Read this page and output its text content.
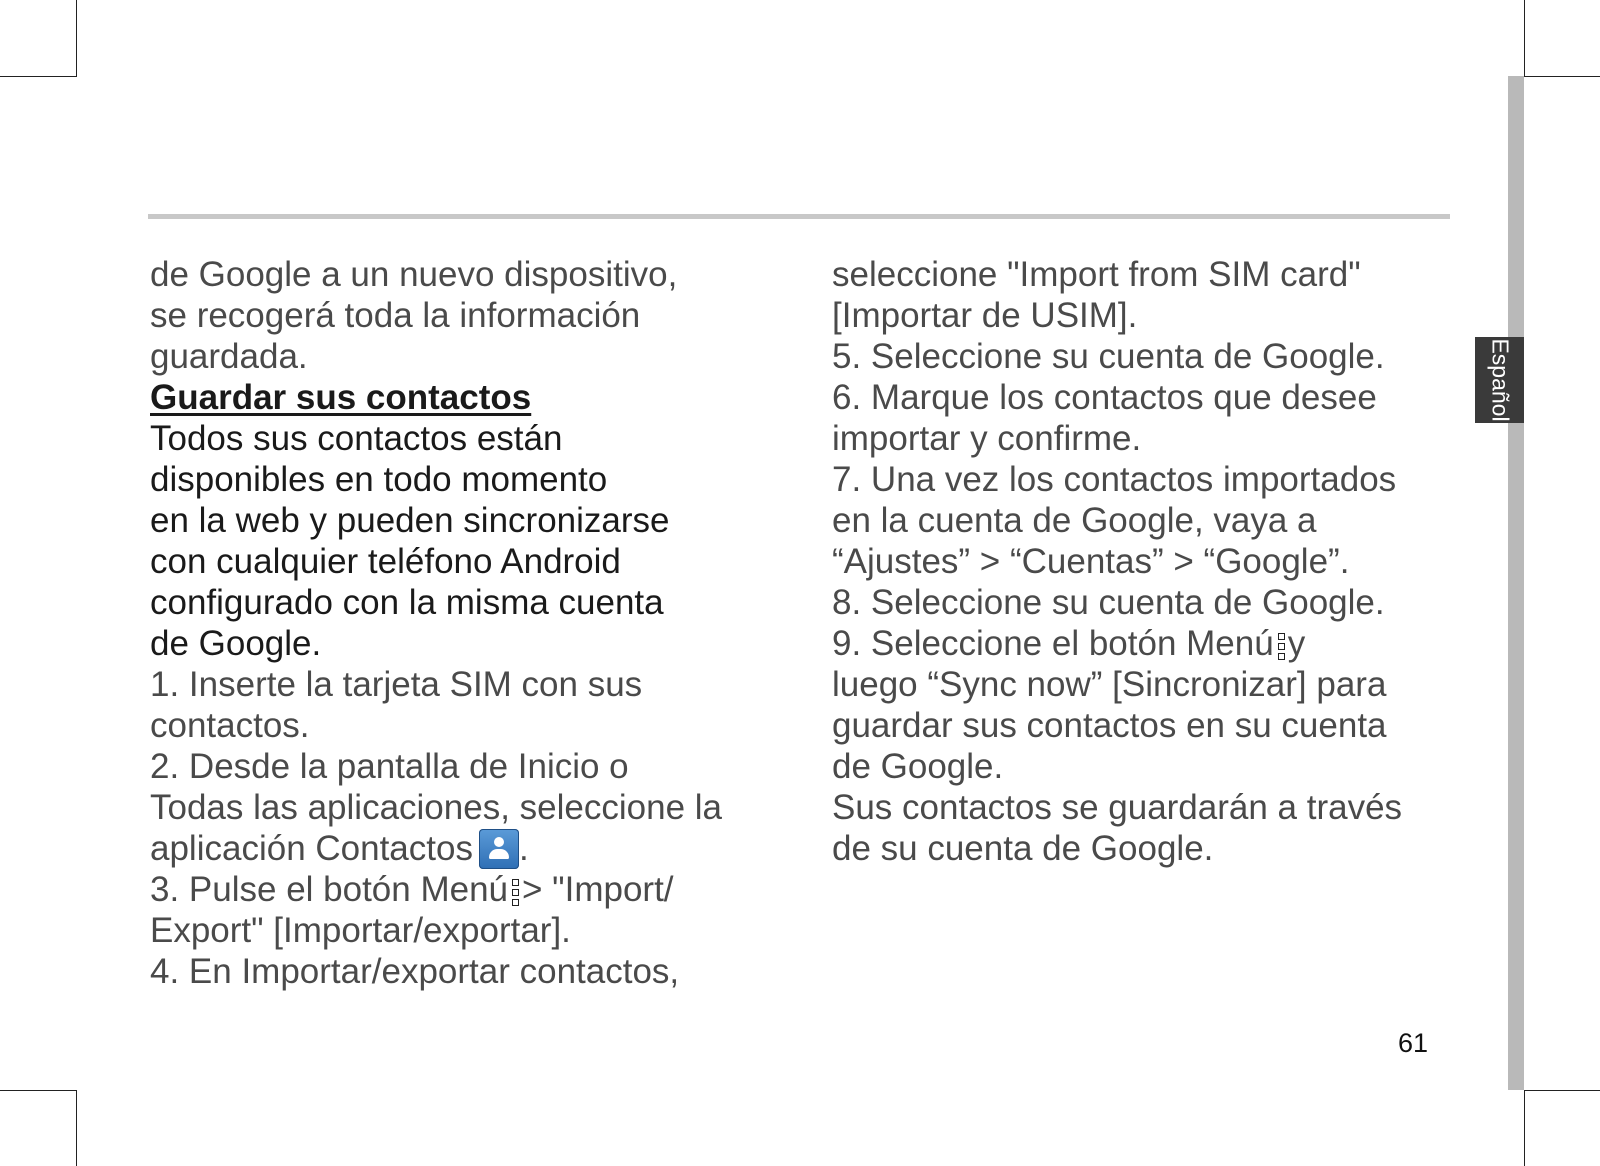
Español

de Google a un nuevo dispositivo,

se recogerá toda la información

guardada.

Guardar sus contactos

Todos sus contactos están

disponibles en todo momento

en la web y pueden sincronizarse

con cualquier teléfono Android

configurado con la misma cuenta

de Google.

1. Inserte la tarjeta SIM con sus

contactos.

2. Desde la pantalla de Inicio o

Todas las aplicaciones, seleccione la

aplicación Contactos .

3. Pulse el botón Menú > "Import/

Export" [Importar/exportar].

4. En Importar/exportar contactos,

seleccione "Import from SIM card"

[Importar de USIM].

5. Seleccione su cuenta de Google.

6. Marque los contactos que desee

importar y confirme.

7. Una vez los contactos importados

en la cuenta de Google, vaya a

“Ajustes” > “Cuentas” > “Google”.

8. Seleccione su cuenta de Google.

9. Seleccione el botón Menú y

luego “Sync now” [Sincronizar] para

guardar sus contactos en su cuenta

de Google.

Sus contactos se guardarán a través

de su cuenta de Google.

61
